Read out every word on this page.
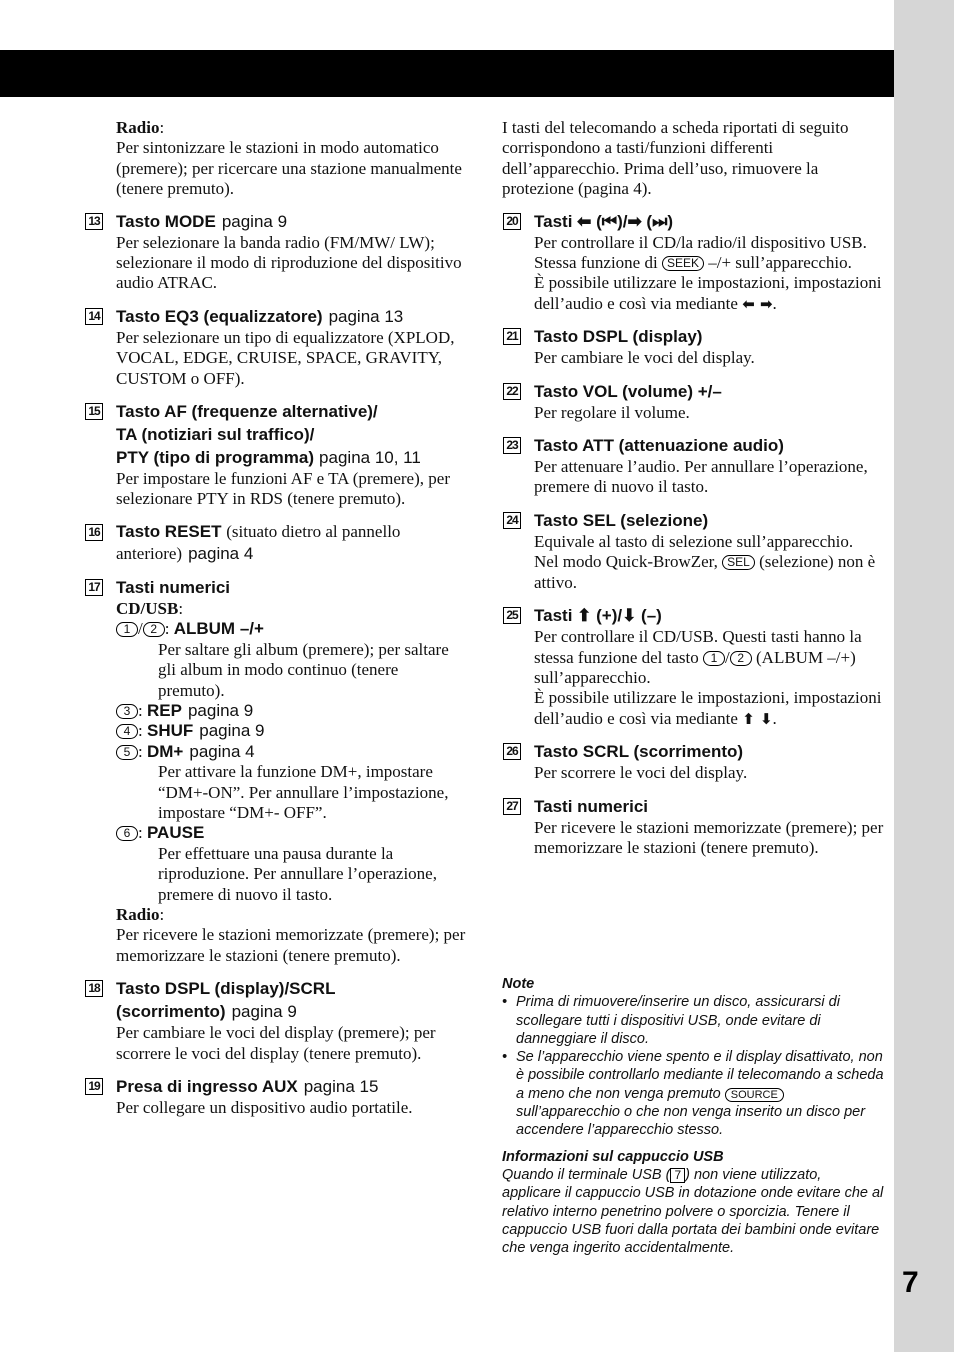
7
Radio:
Per sintonizzare le stazioni in modo automatico (premere); per ricercare una stazione manualmente (tenere premuto).
13 Tasto MODE pagina 9
Per selezionare la banda radio (FM/MW/ LW); selezionare il modo di riproduzione del dispositivo audio ATRAC.
14 Tasto EQ3 (equalizzatore) pagina 13
Per selezionare un tipo di equalizzatore (XPLOD, VOCAL, EDGE, CRUISE, SPACE, GRAVITY, CUSTOM o OFF).
15 Tasto AF (frequenze alternative)/
TA (notiziari sul traffico)/
PTY (tipo di programma) pagina 10, 11
Per impostare le funzioni AF e TA (premere), per selezionare PTY in RDS (tenere premuto).
16 Tasto RESET (situato dietro al pannello anteriore) pagina 4
17 Tasti numerici
CD/USB:
1 / 2 : ALBUM –/+
Per saltare gli album (premere); per saltare gli album in modo continuo (tenere premuto).
3 : REP pagina 9
4 : SHUF pagina 9
5 : DM+ pagina 4
Per attivare la funzione DM+, impostare “DM+-ON”. Per annullare l’impostazione, impostare “DM+- OFF”.
6 : PAUSE
Per effettuare una pausa durante la riproduzione. Per annullare l’operazione, premere di nuovo il tasto.
Radio:
Per ricevere le stazioni memorizzate (premere); per memorizzare le stazioni (tenere premuto).
18 Tasto DSPL (display)/SCRL (scorrimento) pagina 9
Per cambiare le voci del display (premere); per scorrere le voci del display (tenere premuto).
19 Presa di ingresso AUX pagina 15
Per collegare un dispositivo audio portatile.
I tasti del telecomando a scheda riportati di seguito corrispondono a tasti/funzioni differenti dell’apparecchio. Prima dell’uso, rimuovere la protezione (pagina 4).
20 Tasti ⬅ (⏮)/➡ (⏭)
Per controllare il CD/la radio/il dispositivo USB. Stessa funzione di SEEK –/+ sull’apparecchio.
È possibile utilizzare le impostazioni, impostazioni dell’audio e così via mediante ⬅ ➡.
21 Tasto DSPL (display)
Per cambiare le voci del display.
22 Tasto VOL (volume) +/–
Per regolare il volume.
23 Tasto ATT (attenuazione audio)
Per attenuare l’audio. Per annullare l’operazione, premere di nuovo il tasto.
24 Tasto SEL (selezione)
Equivale al tasto di selezione sull’apparecchio.
Nel modo Quick-BrowZer, SEL (selezione) non è attivo.
25 Tasti ⬆ (+)/⬇ (–)
Per controllare il CD/USB. Questi tasti hanno la stessa funzione del tasto 1 / 2 (ALBUM –/+) sull’apparecchio.
È possibile utilizzare le impostazioni, impostazioni dell’audio e così via mediante ⬆ ⬇.
26 Tasto SCRL (scorrimento)
Per scorrere le voci del display.
27 Tasti numerici
Per ricevere le stazioni memorizzate (premere); per memorizzare le stazioni (tenere premuto).
Note
• Prima di rimuovere/inserire un disco, assicurarsi di scollegare tutti i dispositivi USB, onde evitare di danneggiare il disco.
• Se l’apparecchio viene spento e il display disattivato, non è possibile controllarlo mediante il telecomando a scheda a meno che non venga premuto SOURCE sull’apparecchio o che non venga inserito un disco per accendere l’apparecchio stesso.
Informazioni sul cappuccio USB
Quando il terminale USB ( 7 ) non viene utilizzato, applicare il cappuccio USB in dotazione onde evitare che al relativo interno penetrino polvere o sporcizia. Tenere il cappuccio USB fuori dalla portata dei bambini onde evitare che venga ingerito accidentalmente.
